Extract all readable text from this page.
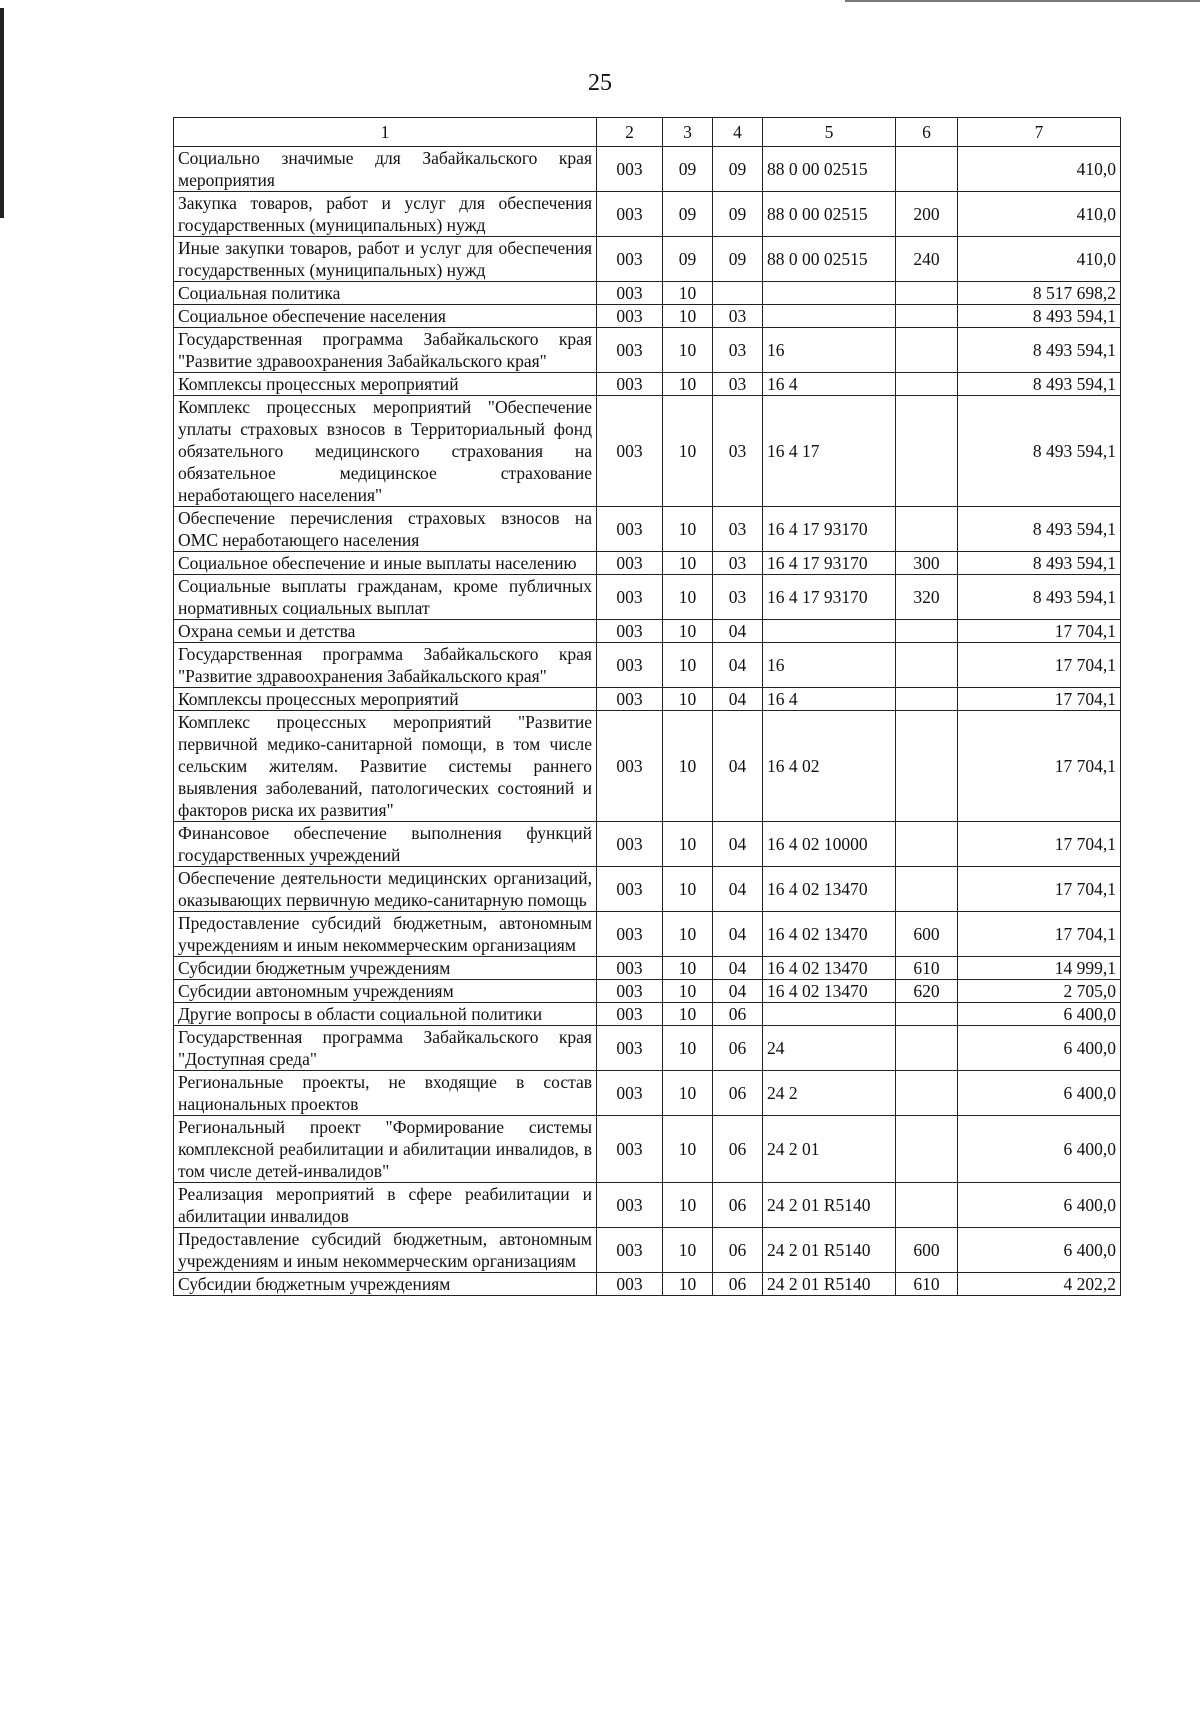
25
1	2	3	4	5	6	7
Социально значимые для Забайкальского края мероприятия	003	09	09	88 0 00 02515		410,0
Закупка товаров, работ и услуг для обеспечения государственных (муниципальных) нужд	003	09	09	88 0 00 02515	200	410,0
Иные закупки товаров, работ и услуг для обеспечения государственных (муниципальных) нужд	003	09	09	88 0 00 02515	240	410,0
Социальная политика	003	10				8 517 698,2
Социальное обеспечение населения	003	10	03			8 493 594,1
Государственная программа Забайкальского края "Развитие здравоохранения Забайкальского края"	003	10	03	16		8 493 594,1
Комплексы процессных мероприятий	003	10	03	16 4		8 493 594,1
Комплекс процессных мероприятий "Обеспечение уплаты страховых взносов в Территориальный фонд обязательного медицинского страхования на обязательное медицинское страхование неработающего населения"	003	10	03	16 4 17		8 493 594,1
Обеспечение перечисления страховых взносов на ОМС неработающего населения	003	10	03	16 4 17 93170		8 493 594,1
Социальное обеспечение и иные выплаты населению	003	10	03	16 4 17 93170	300	8 493 594,1
Социальные выплаты гражданам, кроме публичных нормативных социальных выплат	003	10	03	16 4 17 93170	320	8 493 594,1
Охрана семьи и детства	003	10	04			17 704,1
Государственная программа Забайкальского края "Развитие здравоохранения Забайкальского края"	003	10	04	16		17 704,1
Комплексы процессных мероприятий	003	10	04	16 4		17 704,1
Комплекс процессных мероприятий "Развитие первичной медико-санитарной помощи, в том числе сельским жителям. Развитие системы раннего выявления заболеваний, патологических состояний и факторов риска их развития"	003	10	04	16 4 02		17 704,1
Финансовое обеспечение выполнения функций государственных учреждений	003	10	04	16 4 02 10000		17 704,1
Обеспечение деятельности медицинских организаций, оказывающих первичную медико-санитарную помощь	003	10	04	16 4 02 13470		17 704,1
Предоставление субсидий бюджетным, автономным учреждениям и иным некоммерческим организациям	003	10	04	16 4 02 13470	600	17 704,1
Субсидии бюджетным учреждениям	003	10	04	16 4 02 13470	610	14 999,1
Субсидии автономным учреждениям	003	10	04	16 4 02 13470	620	2 705,0
Другие вопросы в области социальной политики	003	10	06			6 400,0
Государственная программа Забайкальского края "Доступная среда"	003	10	06	24		6 400,0
Региональные проекты, не входящие в состав национальных проектов	003	10	06	24 2		6 400,0
Региональный проект "Формирование системы комплексной реабилитации и абилитации инвалидов, в том числе детей-инвалидов"	003	10	06	24 2 01		6 400,0
Реализация мероприятий в сфере реабилитации и абилитации инвалидов	003	10	06	24 2 01 R5140		6 400,0
Предоставление субсидий бюджетным, автономным учреждениям и иным некоммерческим организациям	003	10	06	24 2 01 R5140	600	6 400,0
Субсидии бюджетным учреждениям	003	10	06	24 2 01 R5140	610	4 202,2
